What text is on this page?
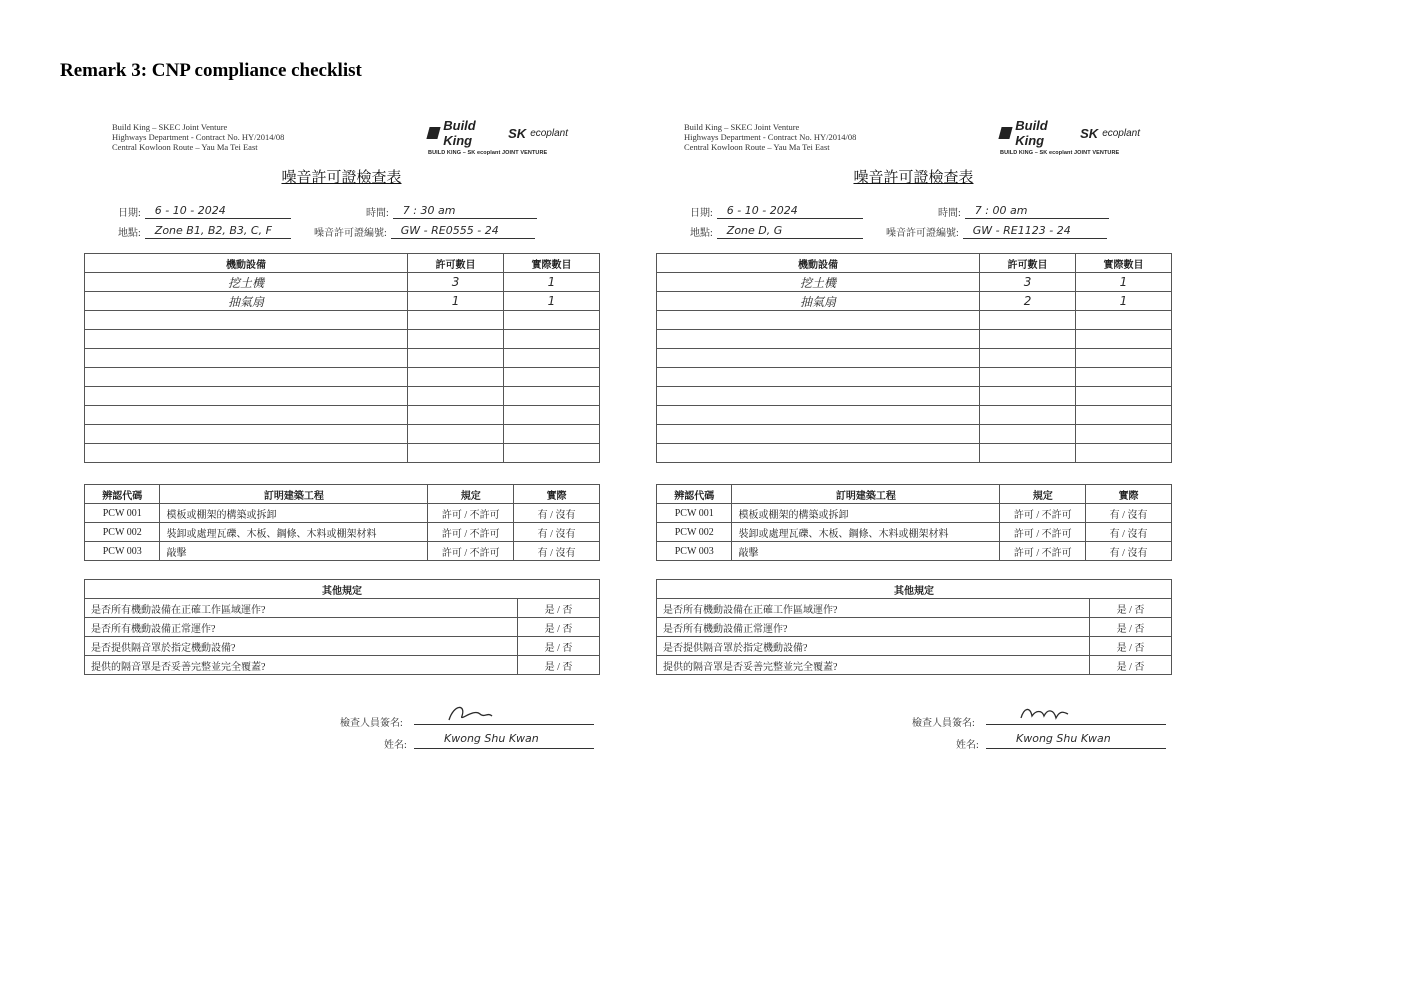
Remark 3: CNP compliance checklist
Build King – SKEC Joint Venture
Highways Department - Contract No. HY/2014/08
Central Kowloon Route – Yau Ma Tei East
Build King	SK ecoplant
BUILD KING – SK ecoplant JOINT VENTURE
噪音許可證檢查表
日期:	6 - 10 - 2024	時間:	7 : 30 am
地點:	Zone B1, B2, B3, C, F	噪音許可證編號:	GW - RE0555 - 24
機動設備	許可數目	實際數目
挖土機	3	1
抽氣扇	1	1

辨認代碼	訂明建築工程	規定	實際
PCW 001	模板或棚架的構築或拆卸	許可 / 不許可	有 / 沒有
PCW 002	裝卸或處理瓦礫、木板、鋼條、木料或棚架材料	許可 / 不許可	有 / 沒有
PCW 003	敲擊	許可 / 不許可	有 / 沒有
其他規定	
是否所有機動設備在正確工作區域運作?	是 / 否
是否所有機動設備正常運作?	是 / 否
是否提供隔音罩於指定機動設備?	是 / 否
提供的隔音罩是否妥善完整並完全覆蓋?	是 / 否
檢查人員簽名:
姓名:
Kwong Shu Kwan
Build King – SKEC Joint Venture
Highways Department - Contract No. HY/2014/08
Central Kowloon Route – Yau Ma Tei East
Build King	SK ecoplant
BUILD KING – SK ecoplant JOINT VENTURE
噪音許可證檢查表
日期:	6 - 10 - 2024	時間:	7 : 00 am
地點:	Zone D, G	噪音許可證編號:	GW - RE1123 - 24
機動設備	許可數目	實際數目
挖土機	3	1
抽氣扇	2	1

辨認代碼	訂明建築工程	規定	實際
PCW 001	模板或棚架的構築或拆卸	許可 / 不許可	有 / 沒有
PCW 002	裝卸或處理瓦礫、木板、鋼條、木料或棚架材料	許可 / 不許可	有 / 沒有
PCW 003	敲擊	許可 / 不許可	有 / 沒有
其他規定	
是否所有機動設備在正確工作區域運作?	是 / 否
是否所有機動設備正常運作?	是 / 否
是否提供隔音罩於指定機動設備?	是 / 否
提供的隔音罩是否妥善完整並完全覆蓋?	是 / 否
檢查人員簽名:
姓名:
Kwong Shu Kwan
